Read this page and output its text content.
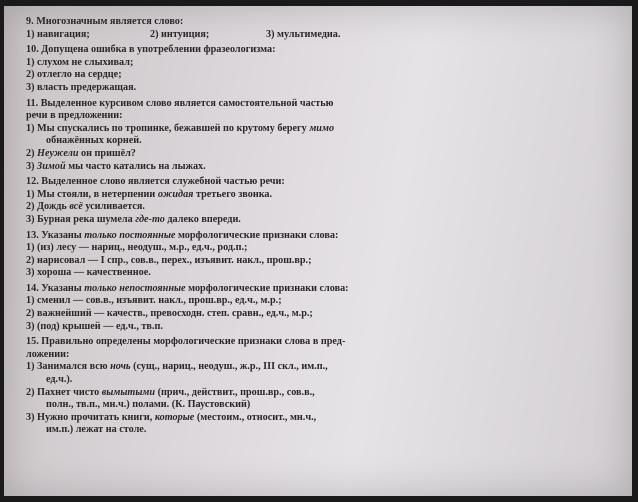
9. Многозначным является слово:
1) навигация;	2) интуиция;	3) мультимедиа.
10. Допущена ошибка в употреблении фразеологизма:
1) слухом не слыхивал;
2) отлегло на сердце;
3) власть предержащая.
11. Выделенное курсивом слово является самостоятельной частью
речи в предложении:
1) Мы спускались по тропинке, бежавшей по крутому берегу мимо
обнажённых корней.
2) Неужели он пришёл?
3) Зимой мы часто катались на лыжах.
12. Выделенное слово является служебной частью речи:
1) Мы стояли, в нетерпении ожидая третьего звонка.
2) Дождь всё усиливается.
3) Бурная река шумела где-то далеко впереди.
13. Указаны только постоянные морфологические признаки слова:
1) (из) лесу — нариц., неодуш., м.р., ед.ч., род.п.;
2) нарисовал — I спр., сов.в., перех., изъявит. накл., прош.вр.;
3) хороша — качественное.
14. Указаны только непостоянные морфологические признаки слова:
1) сменил — сов.в., изъявит. накл., прош.вр., ед.ч., м.р.;
2) важнейший — качеств., превосходн. степ. сравн., ед.ч., м.р.;
3) (под) крышей — ед.ч., тв.п.
15. Правильно определены морфологические признаки слова в пред-
ложении:
1) Занимался всю ночь (сущ., нариц., неодуш., ж.р., III скл., им.п.,
ед.ч.).
2) Пахнет чисто вымытыми (прич., действит., прош.вр., сов.в.,
полн., тв.п., мн.ч.) полами. (К. Паустовский)
3) Нужно прочитать книги, которые (местоим., относит., мн.ч.,
им.п.) лежат на столе.
